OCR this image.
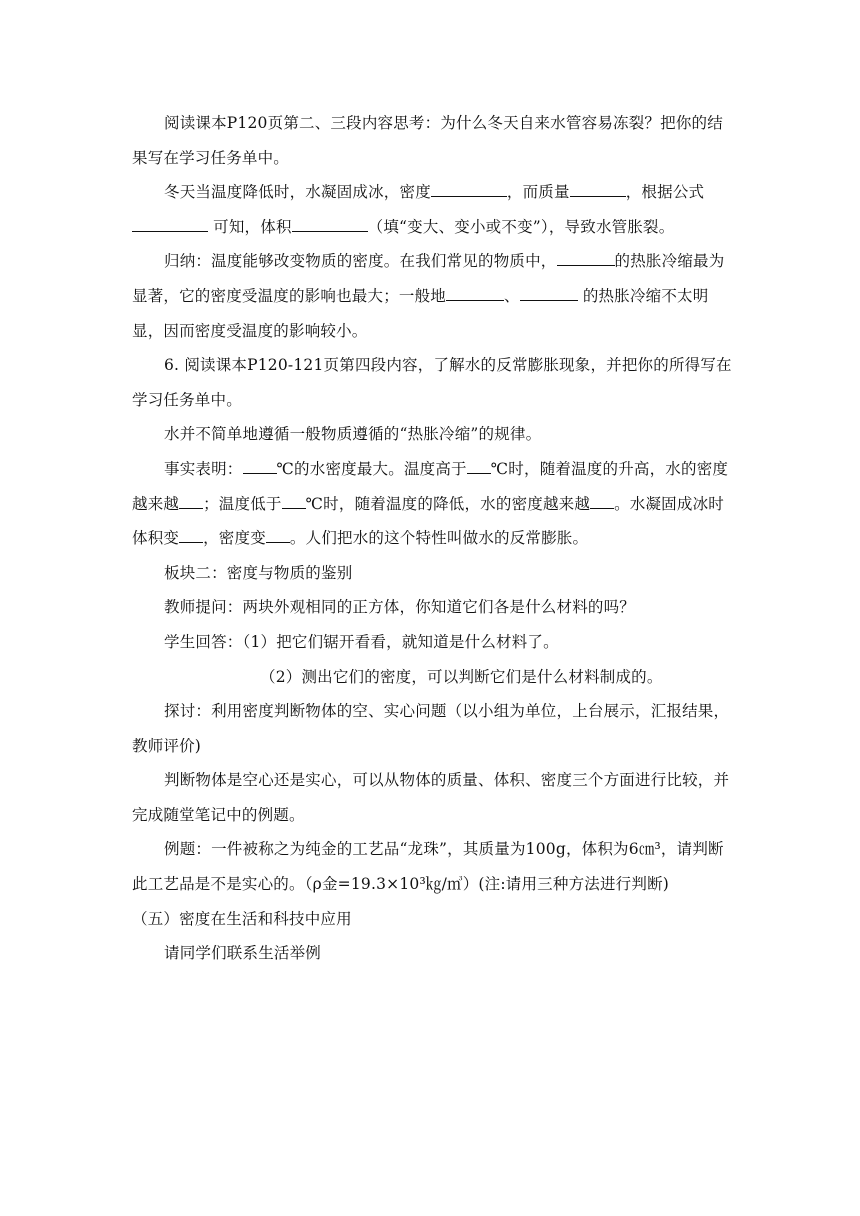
阅读课本P120页第二、三段内容思考：为什么冬天自来水管容易冻裂？把你的结果写在学习任务单中。

冬天当温度降低时，水凝固成冰，密度	，而质量	，根据公式
可知，体积	（填“变大、变小或不变”），导致水管胀裂。

归纳：温度能够改变物质的密度。在我们常见的物质中，	的热胀冷缩最为显著，它的密度受温度的影响也最大；一般地	、	的热胀冷缩不太明显，因而密度受温度的影响较小。

6. 阅读课本P120-121页第四段内容，了解水的反常膨胀现象，并把你的所得写在学习任务单中。

水并不简单地遵循一般物质遵循的“热胀冷缩”的规律。

事实表明： ℃的水密度最大。温度高于 ℃时，随着温度的升高，水的密度越来越 ；温度低于 ℃时，随着温度的降低，水的密度越来越 。水凝固成冰时体积变 ，密度变 。人们把水的这个特性叫做水的反常膨胀。

板块二：密度与物质的鉴别

教师提问：两块外观相同的正方体，你知道它们各是什么材料的吗？

学生回答：（1）把它们锯开看看，就知道是什么材料了。

（2）测出它们的密度，可以判断它们是什么材料制成的。

探讨：利用密度判断物体的空、实心问题（以小组为单位，上台展示，汇报结果，教师评价)

判断物体是空心还是实心，可以从物体的质量、体积、密度三个方面进行比较，并完成随堂笔记中的例题。

例题：一件被称之为纯金的工艺品“龙珠”，其质量为100g，体积为6㎝³，请判断此工艺品是不是实心的。（ρ金=19.3×10³㎏/㎥）(注:请用三种方法进行判断)

（五）密度在生活和科技中应用

请同学们联系生活举例
